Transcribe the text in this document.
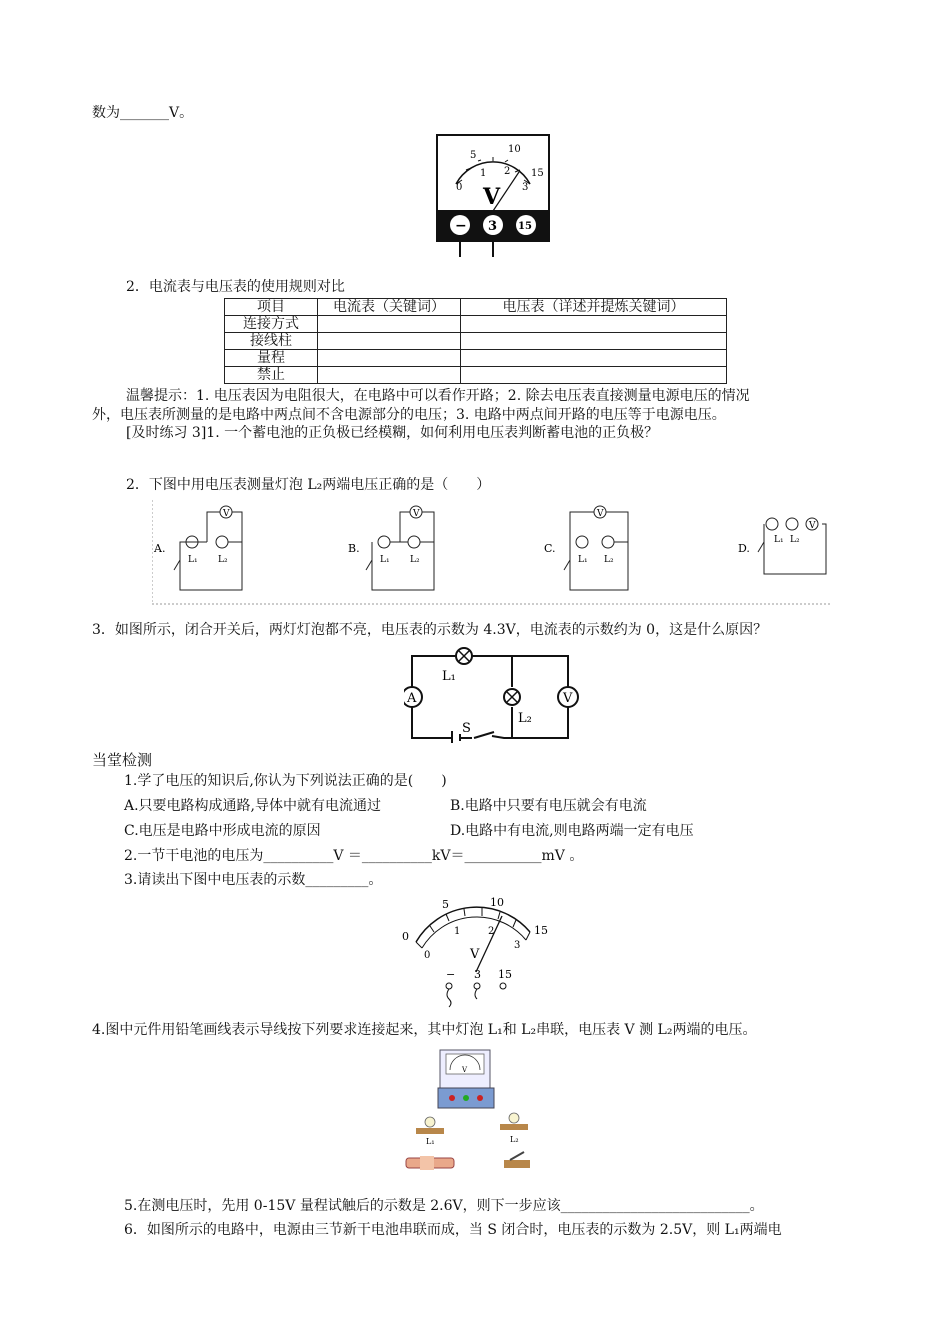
数为_______V。
5
10
15
0
1 2
3
V
− 3 15
2．电流表与电压表的使用规则对比
项目	电流表（关键词）	电压表（详述并提炼关键词）
连接方式		
接线柱		
量程		
禁止		
温馨提示：1. 电压表因为电阻很大，在电路中可以看作开路；2. 除去电压表直接测量电源电压的情况
外，电压表所测量的是电路中两点间不含电源部分的电压；3. 电路中两点间开路的电压等于电源电压。
[及时练习 3]1. 一个蓄电池的正负极已经模糊，如何利用电压表判断蓄电池的正负极？
2．下图中用电压表测量灯泡 L₂两端电压正确的是（　　）
A.
V
L₁ L₂
B.
V
L₁ L₂
C.
V
L₁ L₂
D.
V
L₁ L₂
3．如图所示，闭合开关后，两灯灯泡都不亮，电压表的示数为 4.3V，电流表的示数约为 0，这是什么原因？
A	V
L₁
L₂
S
当堂检测
1.学了电压的知识后,你认为下列说法正确的是(　　)
A.只要电路构成通路,导体中就有电流通过	B.电路中只要有电压就会有电流
C.电压是电路中形成电流的原因	D.电路中有电流,则电路两端一定有电压
2.一节干电池的电压为__________V ＝__________kV＝___________mV 。
3.请读出下图中电压表的示数_________。
5	10
15
0
0
1	2
3
V
− 3 15
4.图中元件用铅笔画线表示导线按下列要求连接起来，其中灯泡 L₁和 L₂串联，电压表 V 测 L₂两端的电压。
V
L₁	L₂
5.在测电压时，先用 0-15V 量程试触后的示数是 2.6V，则下一步应该___________________________。
6．如图所示的电路中，电源由三节新干电池串联而成，当 S 闭合时，电压表的示数为 2.5V，则 L₁两端电
